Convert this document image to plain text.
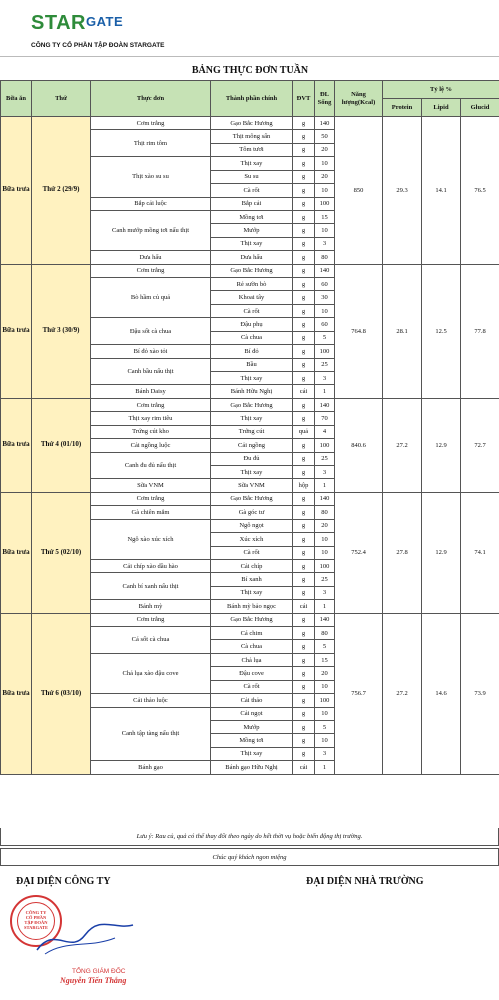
STARGATE
CÔNG TY CỔ PHẦN TẬP ĐOÀN STARGATE
BẢNG THỰC ĐƠN TUẦN
Bữa ăn	Thứ	Thực đơn	Thành phần chính	ĐVT	ĐL Sống	Năng lượng(Kcal)	Tỷ lệ %		
							Protein	Lipid	Glucid
Bữa trưa	Thứ 2 (29/9)	Cơm trắng	Gạo Bắc Hương	g	140	850	29.3	14.1	76.5
		Thịt rim tôm	Thịt mông sấn	g	50				
			Tôm tươi	g	20				
		Thịt xào su su	Thịt xay	g	10				
			Su su	g	20				
			Cà rốt	g	10				
		Bắp cải luộc	Bắp cải	g	100				
		Canh mướp mồng tơi nấu thịt	Mồng tơi	g	15				
			Mướp	g	10				
			Thịt xay	g	3				
		Dưa hấu	Dưa hấu	g	80				
Bữa trưa	Thứ 3 (30/9)	Cơm trắng	Gạo Bắc Hương	g	140	764.8	28.1	12.5	77.8
		Bò hầm củ quả	Rẻ sườn bò	g	60				
			Khoai tây	g	30				
			Cà rốt	g	10				
		Đậu sốt cà chua	Đậu phụ	g	60				
			Cà chua	g	5				
		Bí đỏ xào tỏi	Bí đỏ	g	100				
		Canh bầu nấu thịt	Bầu	g	25				
			Thịt xay	g	3				
		Bánh Daisy	Bánh Hữu Nghị	cái	1				
Bữa trưa	Thứ 4 (01/10)	Cơm trắng	Gạo Bắc Hương	g	140	840.6	27.2	12.9	72.7
		Thịt xay rim tiêu	Thịt xay	g	70				
		Trứng cút kho	Trứng cút	quả	4				
		Cải ngồng luộc	Cải ngồng	g	100				
		Canh đu đủ nấu thịt	Đu đủ	g	25				
			Thịt xay	g	3				
		Sữa VNM	Sữa VNM	hộp	1				
Bữa trưa	Thứ 5 (02/10)	Cơm trắng	Gạo Bắc Hương	g	140	752.4	27.8	12.9	74.1
		Gà chiên mắm	Gà góc tư	g	80				
		Ngô xào xúc xích	Ngô ngọt	g	20				
			Xúc xích	g	10				
			Cà rốt	g	10				
		Cải chíp xào dầu hào	Cải chíp	g	100				
		Canh bí xanh nấu thịt	Bí xanh	g	25				
			Thịt xay	g	3				
		Bánh mỳ	Bánh mỳ bảo ngọc	cái	1				
Bữa trưa	Thứ 6 (03/10)	Cơm trắng	Gạo Bắc Hương	g	140	756.7	27.2	14.6	73.9
		Cá sốt cà chua	Cá chim	g	80				
			Cà chua	g	5				
		Chả lụa xào đậu cove	Chả lụa	g	15				
			Đậu cove	g	20				
			Cà rốt	g	10				
		Cải thảo luộc	Cải thảo	g	100				
		Canh tập tàng nấu thịt	Cải ngọt	g	10				
			Mướp	g	5				
			Mồng tơi	g	10				
			Thịt xay	g	3				
		Bánh gạo	Bánh gạo Hữu Nghị	cái	1				
Lưu ý: Rau củ, quả có thể thay đổi theo ngày do hết thời vụ hoặc biến động thị trường.
Chúc quý khách ngon miệng
ĐẠI DIỆN CÔNG TY	ĐẠI DIỆN NHÀ TRƯỜNG
CÔNG TY
CỔ PHẦN
TẬP ĐOÀN
STARGATE
TỔNG GIÁM ĐỐC
Nguyễn Tiến Thắng
